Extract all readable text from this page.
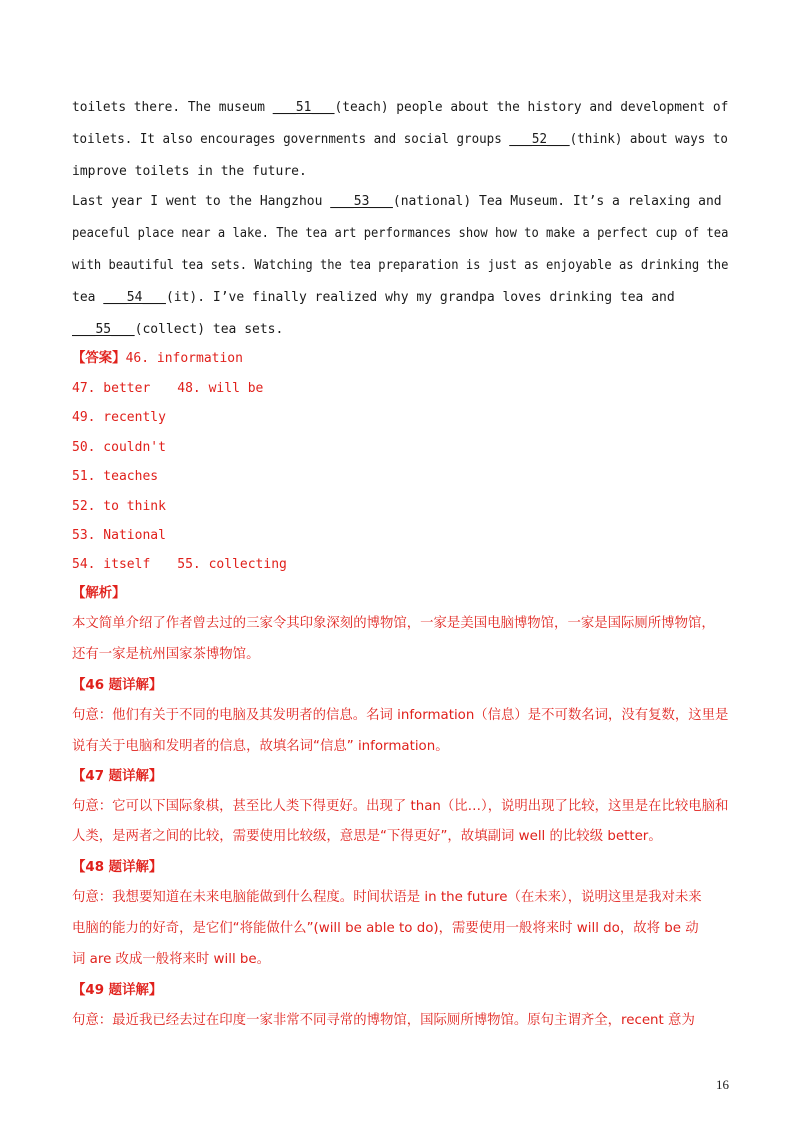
toilets there. The museum ___51___(teach) people about the history and development of
toilets. It also encourages governments and social groups ___52___(think) about ways to
improve toilets in the future.
Last year I went to the Hangzhou ___53___(national) Tea Museum. It’s a relaxing and
peaceful place near a lake. The tea art performances show how to make a perfect cup of tea
with beautiful tea sets. Watching the tea preparation is just as enjoyable as drinking the
tea ___54___(it). I’ve finally realized why my grandpa loves drinking tea and
___55___(collect) tea sets.
【答案】46. information
47. better 48. will be
49. recently
50. couldn't
51. teaches
52. to think
53. National
54. itself 55. collecting
【解析】
本文简单介绍了作者曾去过的三家令其印象深刻的博物馆，一家是美国电脑博物馆，一家是国际厕所博物馆，
还有一家是杭州国家茶博物馆。
【46 题详解】
句意：他们有关于不同的电脑及其发明者的信息。名词 information（信息）是不可数名词，没有复数，这里是
说有关于电脑和发明者的信息，故填名词“信息” information。
【47 题详解】
句意：它可以下国际象棋，甚至比人类下得更好。出现了 than（比…），说明出现了比较，这里是在比较电脑和
人类，是两者之间的比较，需要使用比较级，意思是“下得更好”，故填副词 well 的比较级 better。
【48 题详解】
句意：我想要知道在未来电脑能做到什么程度。时间状语是 in the future（在未来），说明这里是我对未来
电脑的能力的好奇，是它们“将能做什么”(will be able to do)，需要使用一般将来时 will do，故将 be 动
词 are 改成一般将来时 will be。
【49 题详解】
句意：最近我已经去过在印度一家非常不同寻常的博物馆，国际厕所博物馆。原句主谓齐全，recent 意为
16
